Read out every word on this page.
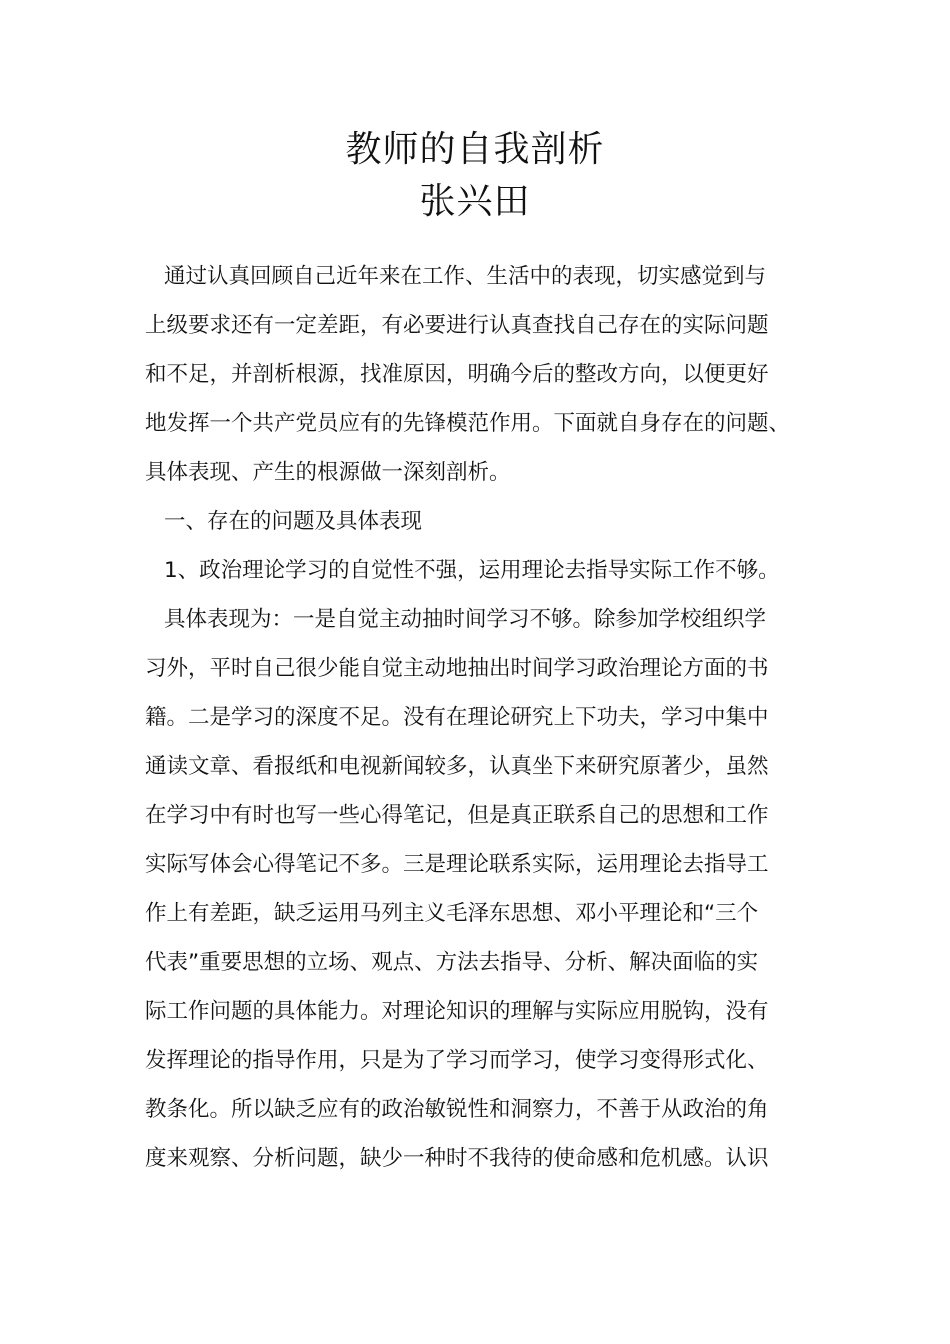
教师的自我剖析
张兴田

通过认真回顾自己近年来在工作、生活中的表现，切实感觉到与

上级要求还有一定差距，有必要进行认真查找自己存在的实际问题

和不足，并剖析根源，找准原因，明确今后的整改方向，以便更好

地发挥一个共产党员应有的先锋模范作用。下面就自身存在的问题、

具体表现、产生的根源做一深刻剖析。

一、存在的问题及具体表现

1、政治理论学习的自觉性不强，运用理论去指导实际工作不够。

具体表现为：一是自觉主动抽时间学习不够。除参加学校组织学

习外，平时自己很少能自觉主动地抽出时间学习政治理论方面的书

籍。二是学习的深度不足。没有在理论研究上下功夫，学习中集中

通读文章、看报纸和电视新闻较多，认真坐下来研究原著少，虽然

在学习中有时也写一些心得笔记，但是真正联系自己的思想和工作

实际写体会心得笔记不多。三是理论联系实际，运用理论去指导工

作上有差距，缺乏运用马列主义毛泽东思想、邓小平理论和“三个

代表”重要思想的立场、观点、方法去指导、分析、解决面临的实

际工作问题的具体能力。对理论知识的理解与实际应用脱钩，没有

发挥理论的指导作用，只是为了学习而学习，使学习变得形式化、

教条化。所以缺乏应有的政治敏锐性和洞察力，不善于从政治的角

度来观察、分析问题，缺少一种时不我待的使命感和危机感。认识
